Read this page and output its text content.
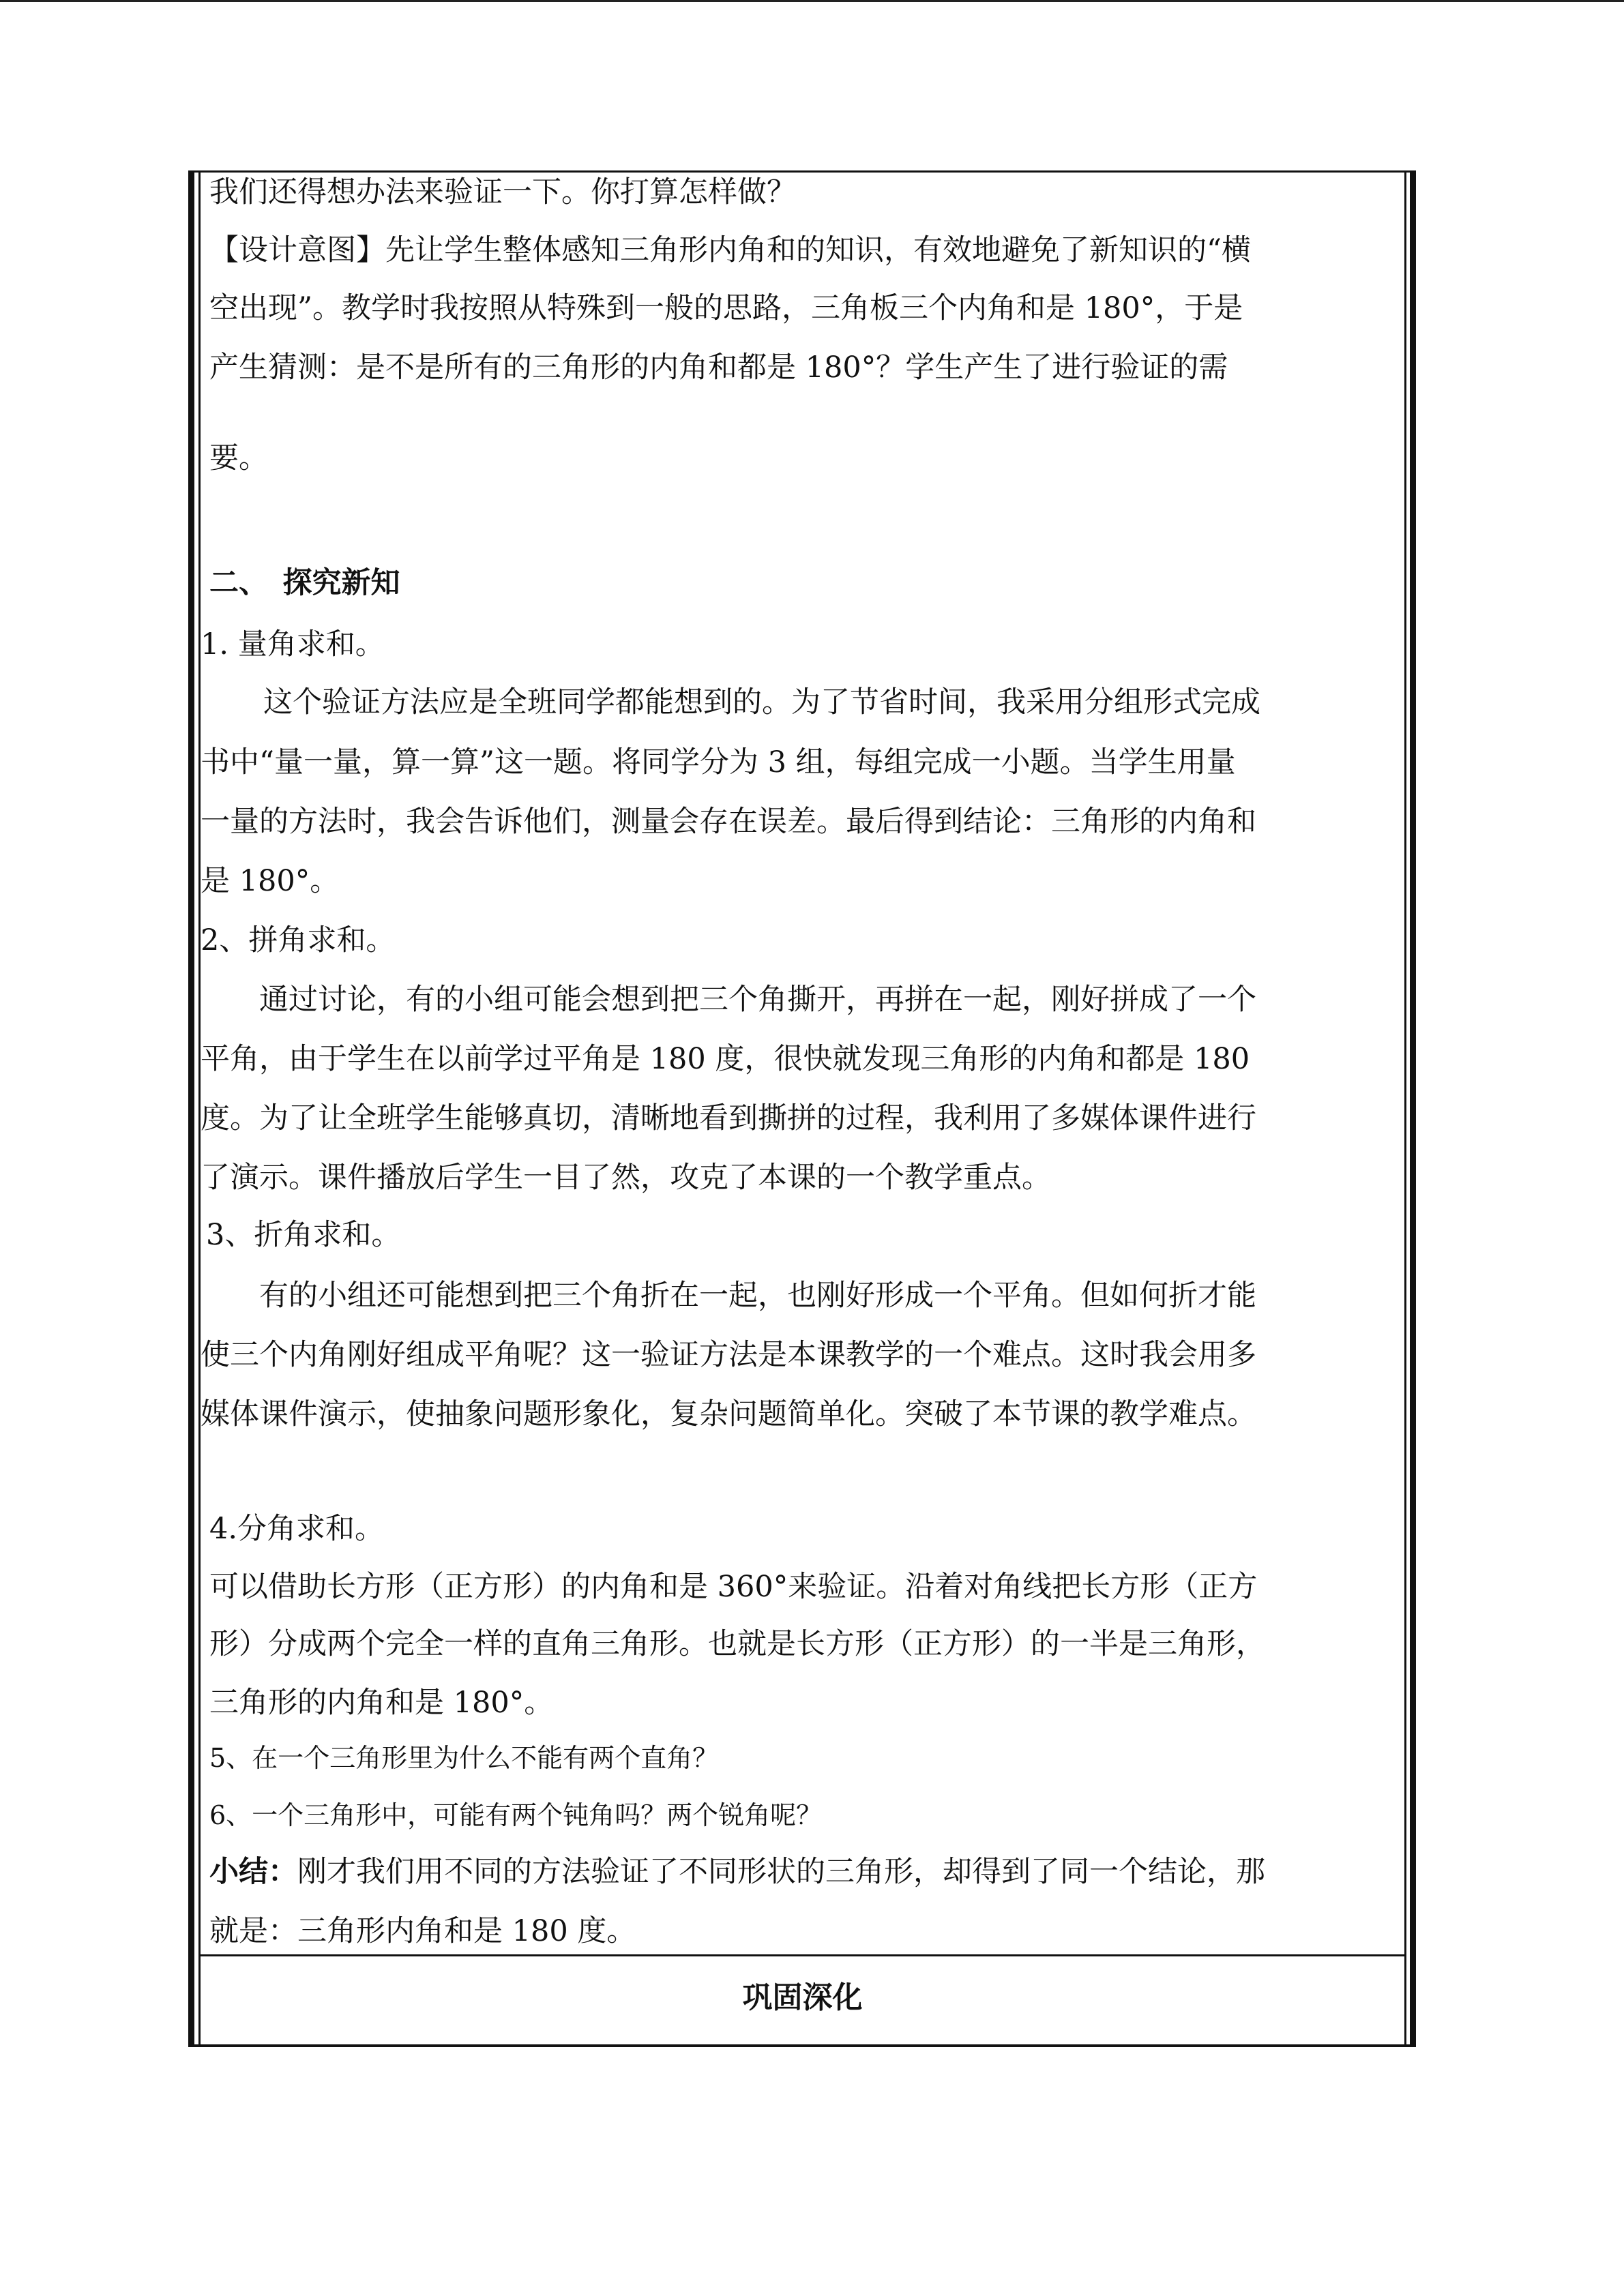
我们还得想办法来验证一下。你打算怎样做？
【设计意图】先让学生整体感知三角形内角和的知识，有效地避免了新知识的“横
空出现”。教学时我按照从特殊到一般的思路，三角板三个内角和是 180°，于是
产生猜测：是不是所有的三角形的内角和都是 180°？学生产生了进行验证的需
要。
二、　探究新知
1. 量角求和。
这个验证方法应是全班同学都能想到的。为了节省时间，我采用分组形式完成
书中“量一量，算一算”这一题。将同学分为 3 组，每组完成一小题。当学生用量
一量的方法时，我会告诉他们，测量会存在误差。最后得到结论：三角形的内角和
是 180°。
2、拼角求和。
通过讨论，有的小组可能会想到把三个角撕开，再拼在一起，刚好拼成了一个
平角，由于学生在以前学过平角是 180 度，很快就发现三角形的内角和都是 180
度。为了让全班学生能够真切，清晰地看到撕拼的过程，我利用了多媒体课件进行
了演示。课件播放后学生一目了然，攻克了本课的一个教学重点。
3、折角求和。
有的小组还可能想到把三个角折在一起，也刚好形成一个平角。但如何折才能
使三个内角刚好组成平角呢？这一验证方法是本课教学的一个难点。这时我会用多
媒体课件演示，使抽象问题形象化，复杂问题简单化。突破了本节课的教学难点。
4.分角求和。
可以借助长方形（正方形）的内角和是 360°来验证。沿着对角线把长方形（正方
形）分成两个完全一样的直角三角形。也就是长方形（正方形）的一半是三角形，
三角形的内角和是 180°。
5、在一个三角形里为什么不能有两个直角？
6、一个三角形中，可能有两个钝角吗？两个锐角呢？
小结：刚才我们用不同的方法验证了不同形状的三角形，却得到了同一个结论，那
就是：三角形内角和是 180 度。
巩固深化
